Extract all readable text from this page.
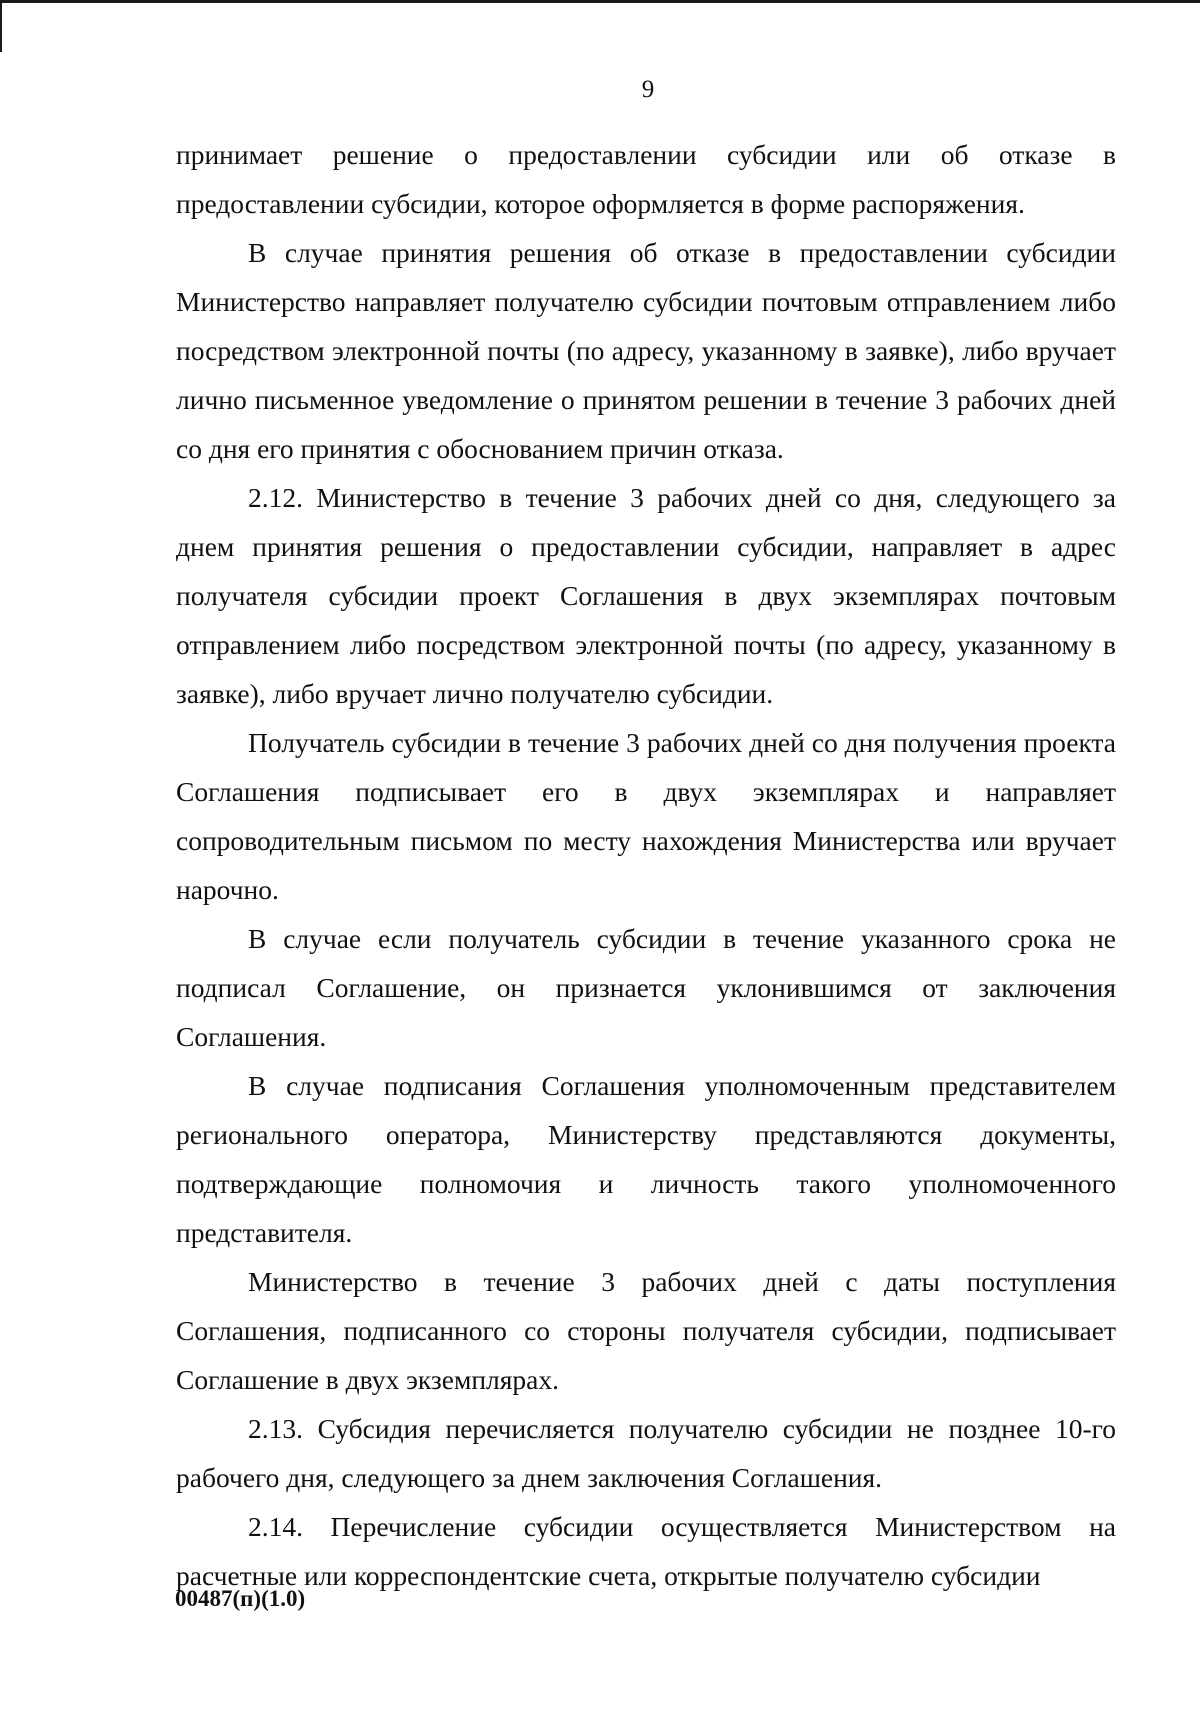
9

принимает решение о предоставлении субсидии или об отказе в предоставлении субсидии, которое оформляется в форме распоряжения.

В случае принятия решения об отказе в предоставлении субсидии Министерство направляет получателю субсидии почтовым отправлением либо посредством электронной почты (по адресу, указанному в заявке), либо вручает лично письменное уведомление о принятом решении в течение 3 рабочих дней со дня его принятия с обоснованием причин отказа.

2.12. Министерство в течение 3 рабочих дней со дня, следующего за днем принятия решения о предоставлении субсидии, направляет в адрес получателя субсидии проект Соглашения в двух экземплярах почтовым отправлением либо посредством электронной почты (по адресу, указанному в заявке), либо вручает лично получателю субсидии.

Получатель субсидии в течение 3 рабочих дней со дня получения проекта Соглашения подписывает его в двух экземплярах и направляет сопроводительным письмом по месту нахождения Министерства или вручает нарочно.

В случае если получатель субсидии в течение указанного срока не подписал Соглашение, он признается уклонившимся от заключения Соглашения.

В случае подписания Соглашения уполномоченным представителем регионального оператора, Министерству представляются документы, подтверждающие полномочия и личность такого уполномоченного представителя.

Министерство в течение 3 рабочих дней с даты поступления Соглашения, подписанного со стороны получателя субсидии, подписывает Соглашение в двух экземплярах.

2.13. Субсидия перечисляется получателю субсидии не позднее 10-го рабочего дня, следующего за днем заключения Соглашения.

2.14. Перечисление субсидии осуществляется Министерством на расчетные или корреспондентские счета, открытые получателю субсидии

00487(п)(1.0)
